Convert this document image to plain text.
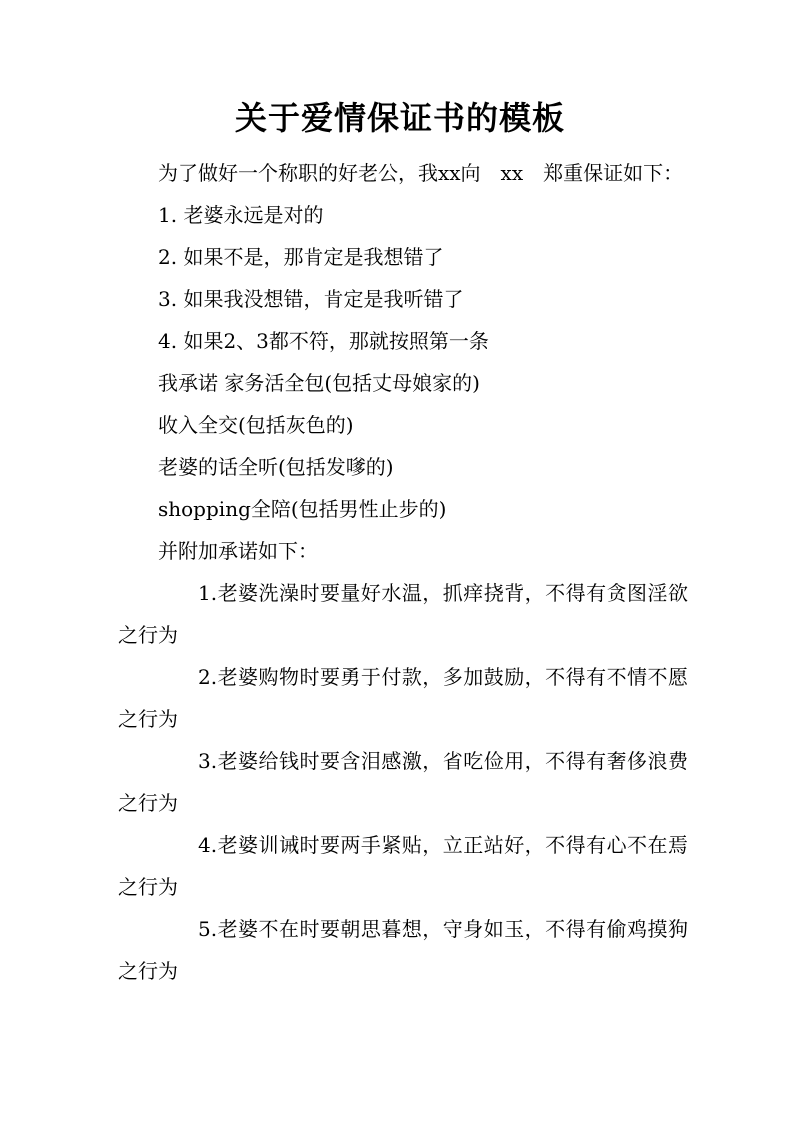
关于爱情保证书的模板

为了做好一个称职的好老公，我xx向　xx　郑重保证如下：

1. 老婆永远是对的

2. 如果不是，那肯定是我想错了

3. 如果我没想错，肯定是我听错了

4. 如果2、3都不符，那就按照第一条

我承诺 家务活全包(包括丈母娘家的)

收入全交(包括灰色的)

老婆的话全听(包括发嗲的)

shopping全陪(包括男性止步的)

并附加承诺如下：

1.老婆洗澡时要量好水温，抓痒挠背，不得有贪图淫欲之行为

2.老婆购物时要勇于付款，多加鼓励，不得有不情不愿之行为

3.老婆给钱时要含泪感激，省吃俭用，不得有奢侈浪费之行为

4.老婆训诫时要两手紧贴，立正站好，不得有心不在焉之行为

5.老婆不在时要朝思暮想，守身如玉，不得有偷鸡摸狗之行为
